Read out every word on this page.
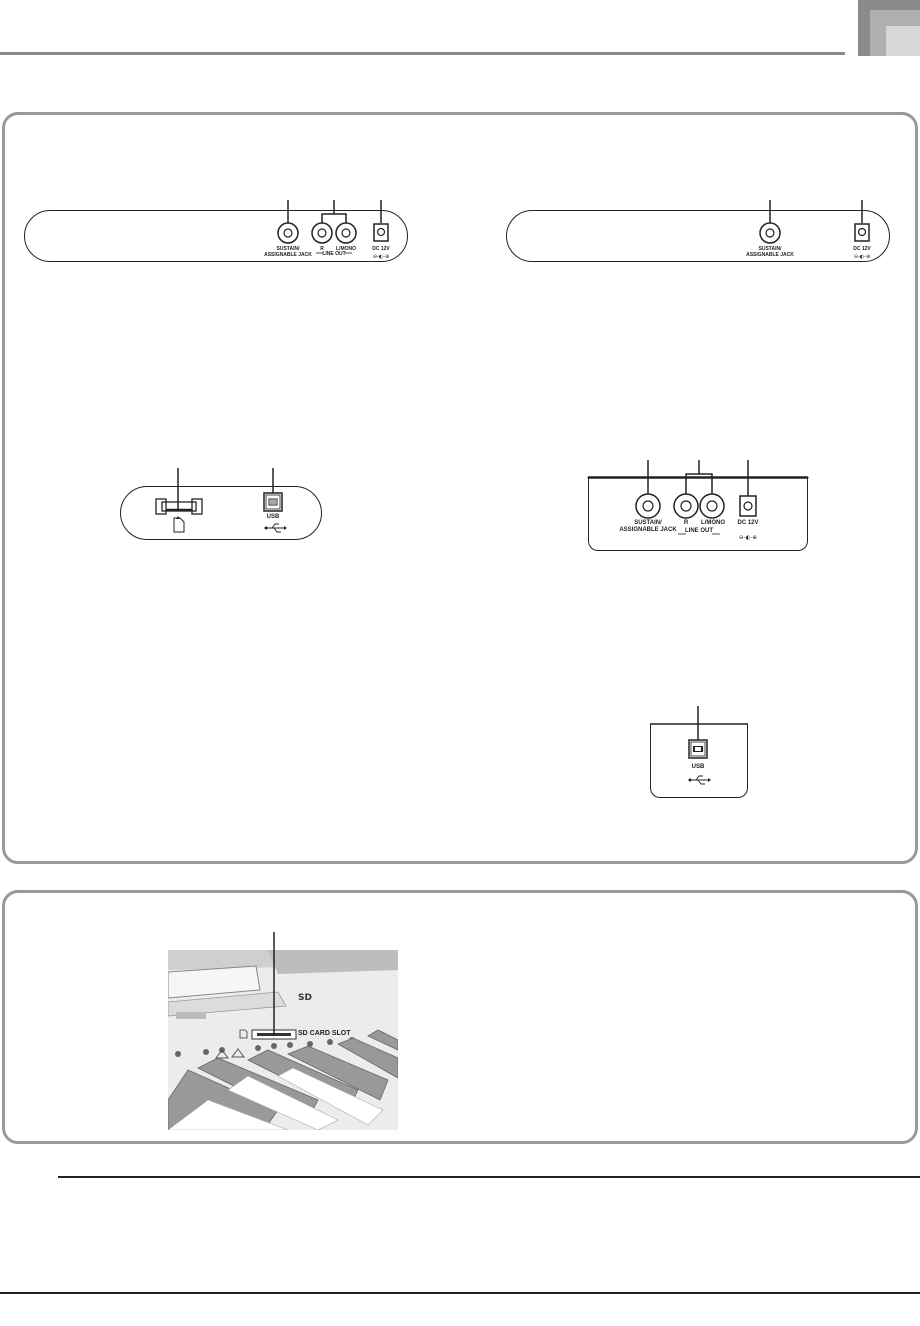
⊖-◐-⊕
SUSTAIN/
ASSIGNABLE JACK
R	L/MONO
LINE OUT
DC 12V
⊖-◐-⊕
SUSTAIN/
ASSIGNABLE JACK
DC 12V
USB
⊖-◐-⊕
SUSTAIN/
ASSIGNABLE JACK
R	L/MONO
LINE OUT
DC 12V
USB
SD
SD CARD SLOT
